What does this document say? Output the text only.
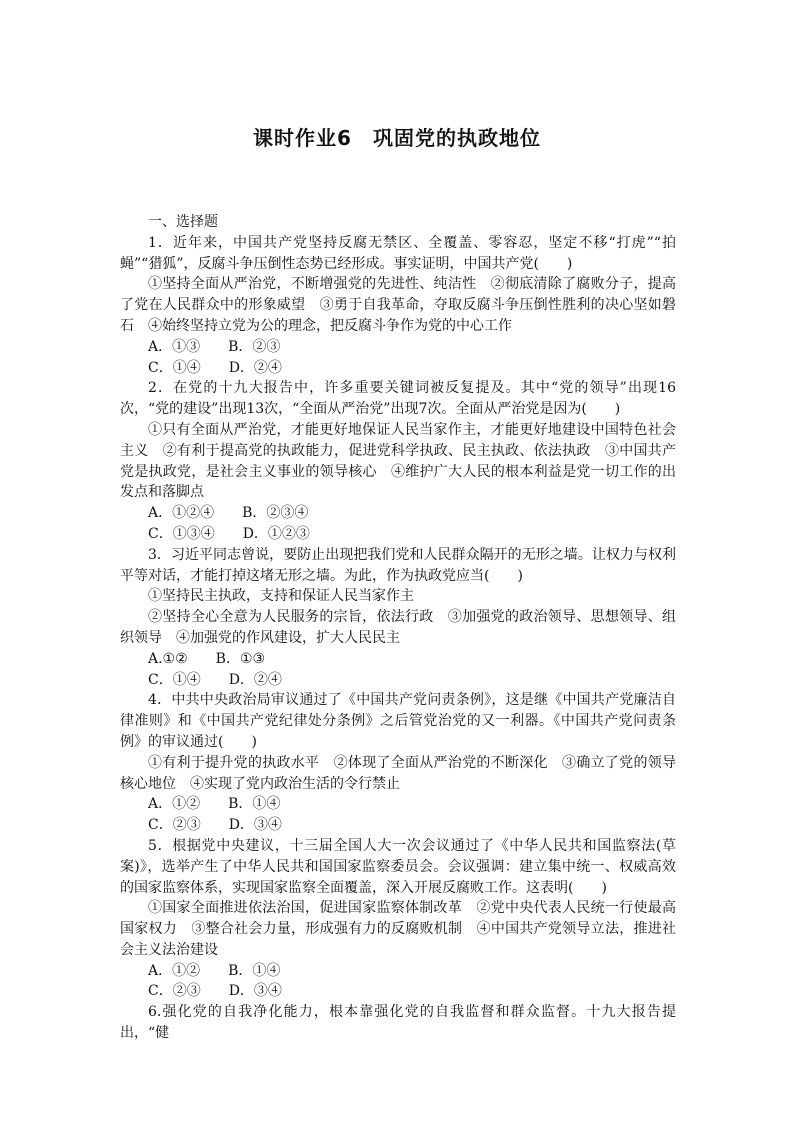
课时作业6　巩固党的执政地位

一、选择题

1．近年来，中国共产党坚持反腐无禁区、全覆盖、零容忍，坚定不移“打虎”“拍蝇”“猎狐”，反腐斗争压倒性态势已经形成。事实证明，中国共产党(　　)

①坚持全面从严治党，不断增强党的先进性、纯洁性　②彻底清除了腐败分子，提高了党在人民群众中的形象威望　③勇于自我革命，夺取反腐斗争压倒性胜利的决心坚如磐石　④始终坚持立党为公的理念，把反腐斗争作为党的中心工作

A．①③　　B．②③

C．①④　　D．②④

2．在党的十九大报告中，许多重要关键词被反复提及。其中“党的领导”出现16次，“党的建设”出现13次，“全面从严治党”出现7次。全面从严治党是因为(　　)

①只有全面从严治党，才能更好地保证人民当家作主，才能更好地建设中国特色社会主义　②有利于提高党的执政能力，促进党科学执政、民主执政、依法执政　③中国共产党是执政党，是社会主义事业的领导核心　④维护广大人民的根本利益是党一切工作的出发点和落脚点

A．①②④　　B．②③④

C．①③④　　D．①②③

3．习近平同志曾说，要防止出现把我们党和人民群众隔开的无形之墙。让权力与权利平等对话，才能打掉这堵无形之墙。为此，作为执政党应当(　　)

①坚持民主执政，支持和保证人民当家作主

②坚持全心全意为人民服务的宗旨，依法行政　③加强党的政治领导、思想领导、组织领导　④加强党的作风建设，扩大人民民主

A.①②　　B．①③

C．①④　　D．②④

4．中共中央政治局审议通过了《中国共产党问责条例》，这是继《中国共产党廉洁自律准则》和《中国共产党纪律处分条例》之后管党治党的又一利器。《中国共产党问责条例》的审议通过(　　)

①有利于提升党的执政水平　②体现了全面从严治党的不断深化　③确立了党的领导核心地位　④实现了党内政治生活的令行禁止

A．①②　　B．①④

C．②③　　D．③④

5．根据党中央建议，十三届全国人大一次会议通过了《中华人民共和国监察法(草案)》，选举产生了中华人民共和国国家监察委员会。会议强调：建立集中统一、权威高效的国家监察体系，实现国家监察全面覆盖，深入开展反腐败工作。这表明(　　)

①国家全面推进依法治国，促进国家监察体制改革　②党中央代表人民统一行使最高国家权力　③整合社会力量，形成强有力的反腐败机制　④中国共产党领导立法，推进社会主义法治建设

A．①②　　B．①④

C．②③　　D．③④

6.强化党的自我净化能力，根本靠强化党的自我监督和群众监督。十九大报告提出，“健
